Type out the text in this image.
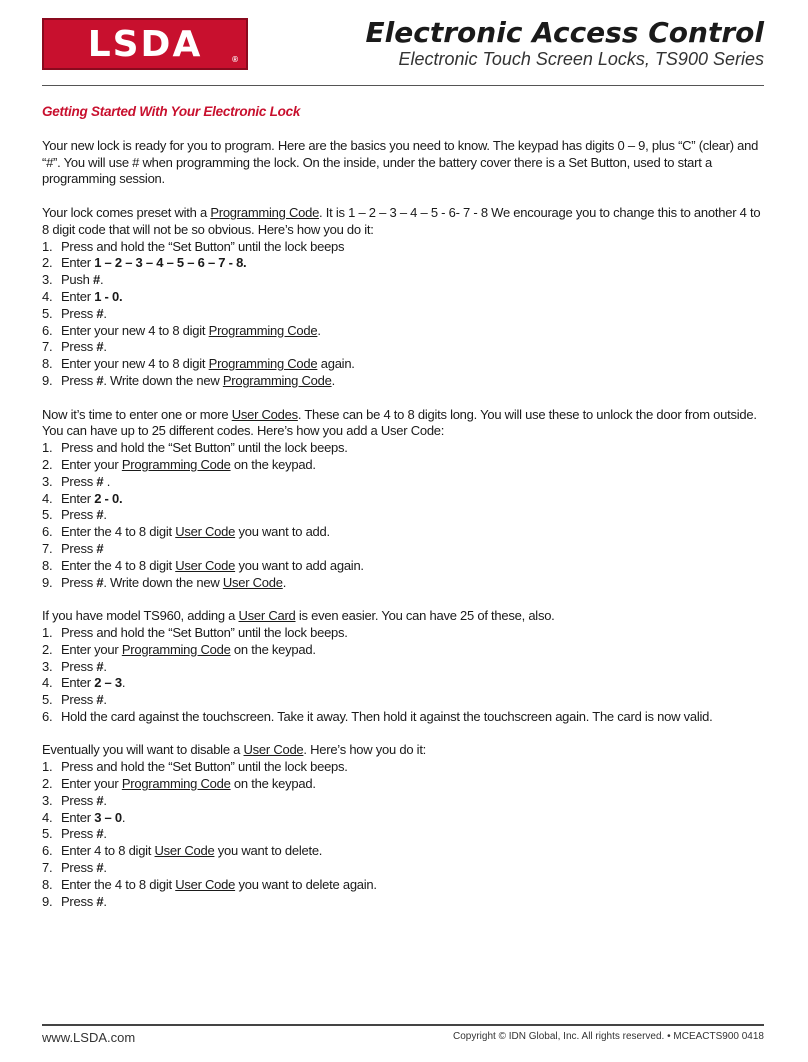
LSDA	®
Electronic Access Control
Electronic Touch Screen Locks, TS900 Series
Getting Started With Your Electronic Lock

Your new lock is ready for you to program. Here are the basics you need to know. The keypad has digits 0 – 9, plus “C” (clear) and “#”. You will use # when programming the lock. On the inside, under the battery cover there is a Set Button, used to start a programming session.

Your lock comes preset with a Programming Code. It is 1 – 2 – 3 – 4 – 5 - 6- 7 - 8 We encourage you to change this to another 4 to 8 digit code that will not be so obvious. Here’s how you do it:

1. Press and hold the “Set Button” until the lock beeps
2. Enter 1 – 2 – 3 – 4 – 5 – 6 – 7 - 8.
3. Push #.
4. Enter 1 - 0.
5. Press #.
6. Enter your new 4 to 8 digit Programming Code.
7. Press #.
8. Enter your new 4 to 8 digit Programming Code again.
9. Press #. Write down the new Programming Code.

Now it’s time to enter one or more User Codes. These can be 4 to 8 digits long. You will use these to unlock the door from outside. You can have up to 25 different codes. Here’s how you add a User Code:

1. Press and hold the “Set Button” until the lock beeps.
2. Enter your Programming Code on the keypad.
3. Press # .
4. Enter 2 - 0.
5. Press #.
6. Enter the 4 to 8 digit User Code you want to add.
7. Press #
8. Enter the 4 to 8 digit User Code you want to add again.
9. Press #. Write down the new User Code.

If you have model TS960, adding a User Card is even easier. You can have 25 of these, also.

1. Press and hold the “Set Button” until the lock beeps.
2. Enter your Programming Code on the keypad.
3. Press #.
4. Enter 2 – 3.
5. Press #.
6. Hold the card against the touchscreen. Take it away. Then hold it against the touchscreen again. The card is now valid.

Eventually you will want to disable a User Code. Here’s how you do it:

1. Press and hold the “Set Button” until the lock beeps.
2. Enter your Programming Code on the keypad.
3. Press #.
4. Enter 3 – 0.
5. Press #.
6. Enter 4 to 8 digit User Code you want to delete.
7. Press #.
8. Enter the 4 to 8 digit User Code you want to delete again.
9. Press #.
www.LSDA.com	Copyright © IDN Global, Inc. All rights reserved. • MCEACTS900 0418
